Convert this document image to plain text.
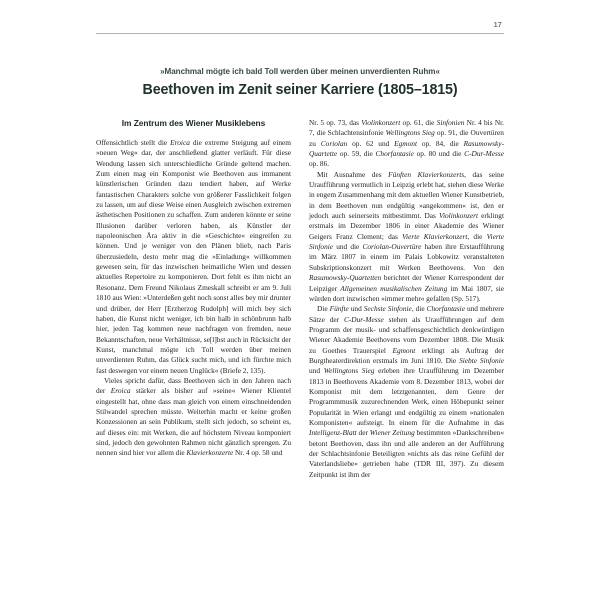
17

»Manchmal mögte ich bald Toll werden über meinen unverdienten Ruhm«

Beethoven im Zenit seiner Karriere (1805–1815)
Im Zentrum des Wiener Musiklebens

Offensichtlich stellt die Eroica die extreme Steigung auf einem »neuen Weg« dar, der anschließend glatter verläuft. Für diese Wendung lassen sich unterschiedliche Gründe geltend machen. Zum einen mag ein Komponist wie Beethoven aus immanent künstlerischen Gründen dazu tendiert haben, auf Werke fantastischen Charakters solche von größerer Fasslichkeit folgen zu lassen, um auf diese Weise einen Ausgleich zwischen extremen ästhetischen Positionen zu schaffen. Zum anderen könnte er seine Illusionen darüber verloren haben, als Künstler der napoleonischen Ära aktiv in die »Geschichte« eingreifen zu können. Und je weniger von den Plänen blieb, nach Paris überzusiedeln, desto mehr mag die »Einladung« willkommen gewesen sein, für das inzwischen heimatliche Wien und dessen aktuelles Repertoire zu komponieren. Dort fehlt es ihm nicht an Resonanz. Dem Freund Nikolaus Zmeskall schreibt er am 9. Juli 1810 aus Wien: »Unterdeßen geht noch sonst alles bey mir drunter und drüber, der Herr [Erzherzog Rudolph] will mich bey sich haben, die Kunst nicht weniger, ich bin halb in schönbrunn halb hier, jeden Tag kommen neue nachfragen von fremden, neue Bekanntschaften, neue Verhältnisse, se[l]bst auch in Rücksicht der Kunst, manchmal mögte ich Toll werden über meinen unverdienten Ruhm, das Glück sucht mich, und ich fürchte mich fast deswegen vor einem neuen Unglück« (Briefe 2, 135).

Vieles spricht dafür, dass Beethoven sich in den Jahren nach der Eroica stärker als bisher auf »seine« Wiener Klientel eingestellt hat, ohne dass man gleich von einem einschneidenden Stilwandel sprechen müsste. Weiterhin macht er keine großen Konzessionen an sein Publikum, stellt sich jedoch, so scheint es, auf dieses ein: mit Werken, die auf höchstem Niveau komponiert sind, jedoch den gewohnten Rahmen nicht gänzlich sprengen. Zu nennen sind hier vor allem die Klavierkonzerte Nr. 4 op. 58 und

Nr. 5 op. 73, das Violinkonzert op. 61, die Sinfonien Nr. 4 bis Nr. 7, die Schlachtensinfonie Wellingtons Sieg op. 91, die Ouvertüren zu Coriolan op. 62 und Egmont op. 84, die Rasumowsky-Quartette op. 59, die Chorfantasie op. 80 und die C-Dur-Messe op. 86.

Mit Ausnahme des Fünften Klavierkonzerts, das seine Uraufführung vermutlich in Leipzig erlebt hat, stehen diese Werke in engem Zusammenhang mit dem aktuellen Wiener Kunstbetrieb, in dem Beethoven nun endgültig »angekommen« ist, den er jedoch auch seinerseits mitbestimmt. Das Violinkonzert erklingt erstmals im Dezember 1806 in einer Akademie des Wiener Geigers Franz Clement; das Vierte Klavierkonzert, die Vierte Sinfonie und die Coriolan-Ouvertüre haben ihre Erstaufführung im März 1807 in einem im Palais Lobkowitz veranstalteten Subskriptionskonzert mit Werken Beethovens. Von den Rasumowsky-Quartetten berichtet der Wiener Korrespondent der Leipziger Allgemeinen musikalischen Zeitung im Mai 1807, sie würden dort inzwischen »immer mehr« gefallen (Sp. 517).

Die Fünfte und Sechste Sinfonie, die Chorfantasie und mehrere Sätze der C-Dur-Messe stehen als Uraufführungen auf dem Programm der musik- und schaffensgeschichtlich denkwürdigen Wiener Akademie Beethovens vom Dezember 1808. Die Musik zu Goethes Trauerspiel Egmont erklingt als Auftrag der Burgtheaterdirektion erstmals im Juni 1810. Die Siebte Sinfonie und Wellingtons Sieg erleben ihre Uraufführung im Dezember 1813 in Beethovens Akademie vom 8. Dezember 1813, wobei der Komponist mit dem letztgenannten, dem Genre der Programmmusik zuzurechnenden Werk, einen Höhepunkt seiner Popularität in Wien erlangt und endgültig zu einem »nationalen Komponisten« aufsteigt. In einem für die Aufnahme in das Intelligenz-Blatt der Wiener Zeitung bestimmten »Dankschreiben« betont Beethoven, dass ihn und alle anderen an der Aufführung der Schlachtsinfonie Beteiligten »nichts als das reine Gefühl der Vaterlandsliebe« getrieben habe (TDR III, 397). Zu diesem Zeitpunkt ist ihm der
